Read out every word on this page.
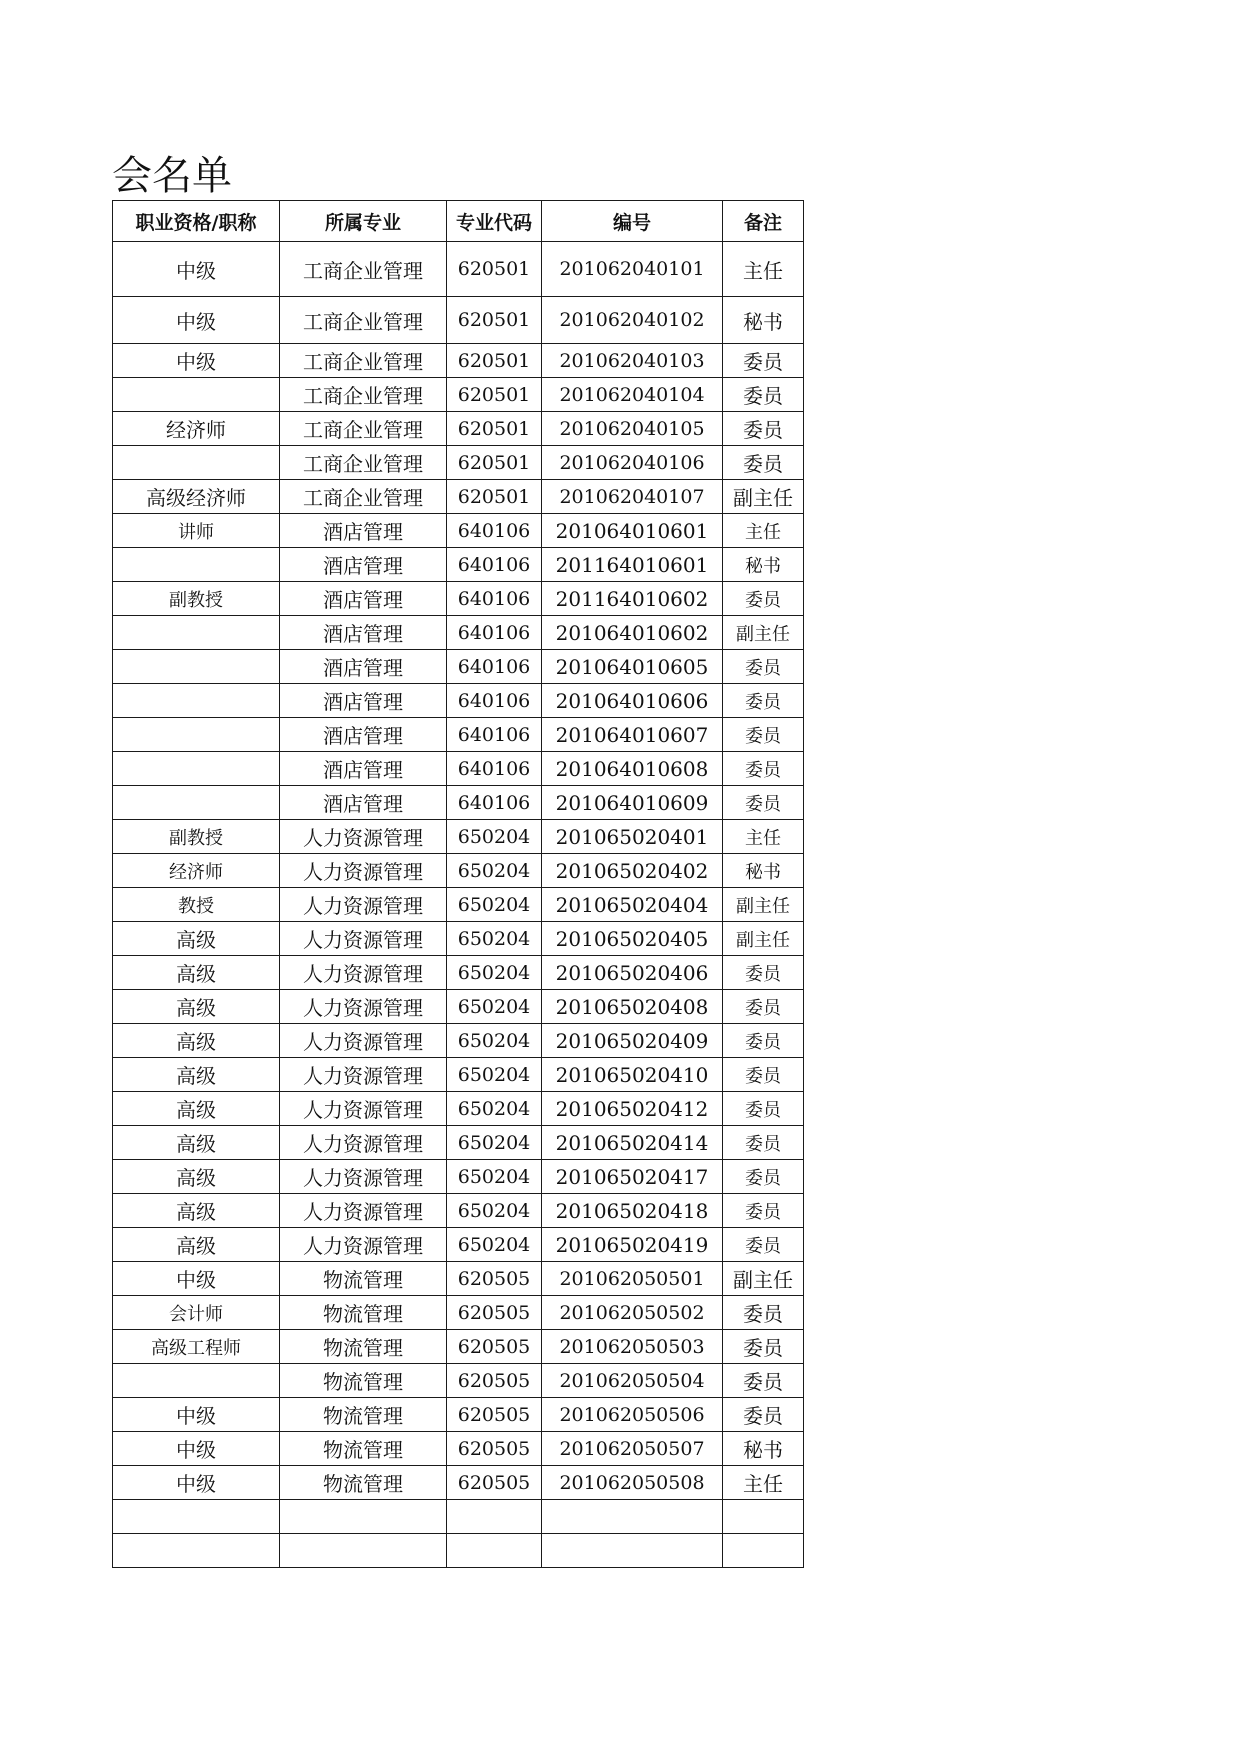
会名单
职业资格/职称	所属专业	专业代码	编号	备注
中级	工商企业管理	620501	201062040101	主任
中级	工商企业管理	620501	201062040102	秘书
中级	工商企业管理	620501	201062040103	委员
	工商企业管理	620501	201062040104	委员
经济师	工商企业管理	620501	201062040105	委员
	工商企业管理	620501	201062040106	委员
高级经济师	工商企业管理	620501	201062040107	副主任
讲师	酒店管理	640106	201064010601	主任
	酒店管理	640106	201164010601	秘书
副教授	酒店管理	640106	201164010602	委员
	酒店管理	640106	201064010602	副主任
	酒店管理	640106	201064010605	委员
	酒店管理	640106	201064010606	委员
	酒店管理	640106	201064010607	委员
	酒店管理	640106	201064010608	委员
	酒店管理	640106	201064010609	委员
副教授	人力资源管理	650204	201065020401	主任
经济师	人力资源管理	650204	201065020402	秘书
教授	人力资源管理	650204	201065020404	副主任
高级	人力资源管理	650204	201065020405	副主任
高级	人力资源管理	650204	201065020406	委员
高级	人力资源管理	650204	201065020408	委员
高级	人力资源管理	650204	201065020409	委员
高级	人力资源管理	650204	201065020410	委员
高级	人力资源管理	650204	201065020412	委员
高级	人力资源管理	650204	201065020414	委员
高级	人力资源管理	650204	201065020417	委员
高级	人力资源管理	650204	201065020418	委员
高级	人力资源管理	650204	201065020419	委员
中级	物流管理	620505	201062050501	副主任
会计师	物流管理	620505	201062050502	委员
高级工程师	物流管理	620505	201062050503	委员
	物流管理	620505	201062050504	委员
中级	物流管理	620505	201062050506	委员
中级	物流管理	620505	201062050507	秘书
中级	物流管理	620505	201062050508	主任
